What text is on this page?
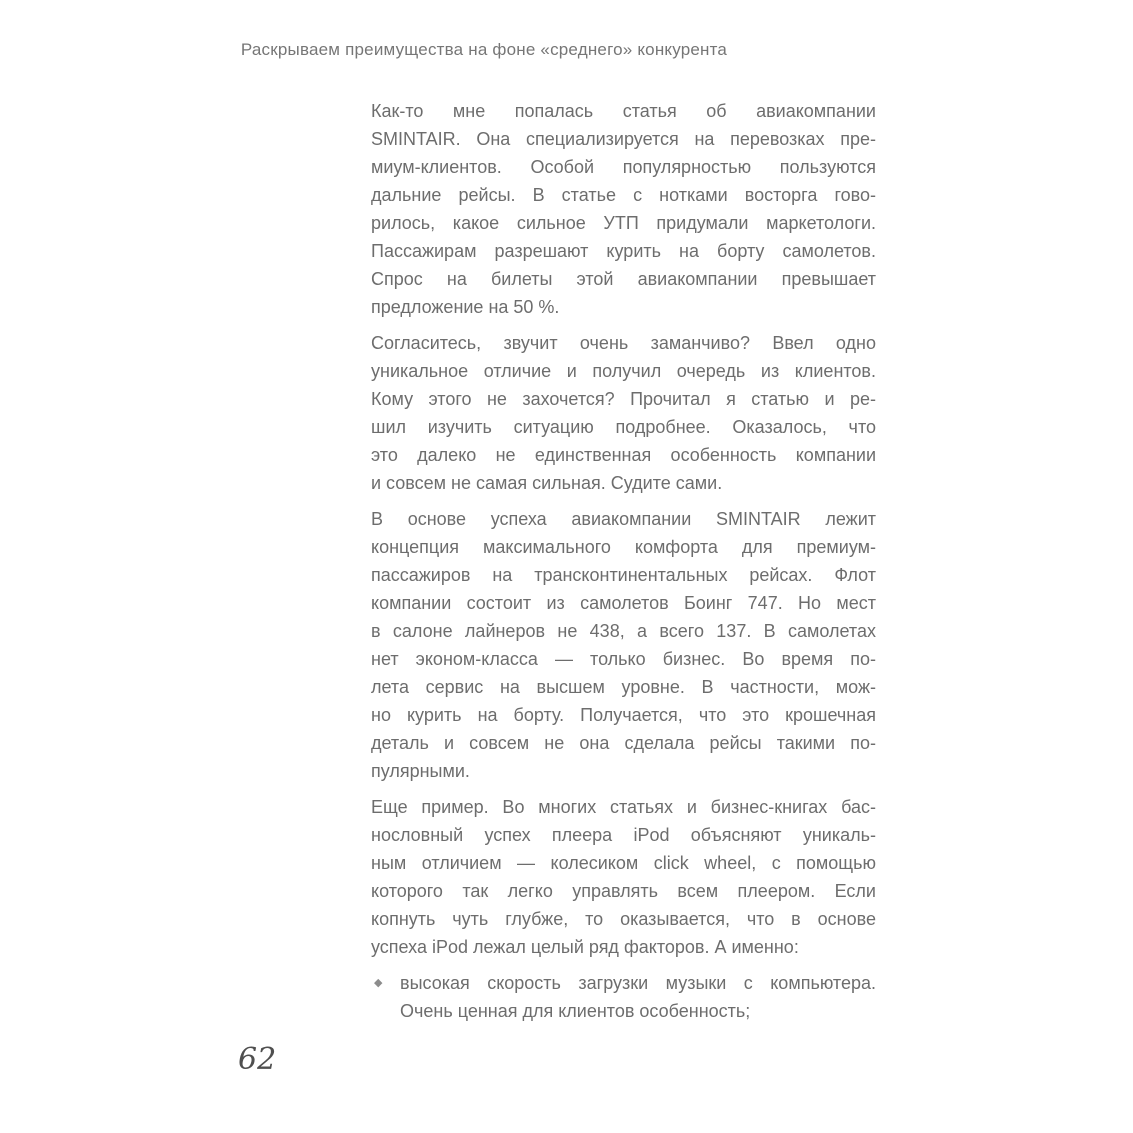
Раскрываем преимущества на фоне «среднего» конкурента
Как-то мне попалась статья об авиакомпании
SMINTAIR. Она специализируется на перевозках пре-
миум-клиентов. Особой популярностью пользуются
дальние рейсы. В статье с нотками восторга гово-
рилось, какое сильное УТП придумали маркетологи.
Пассажирам разрешают курить на борту самолетов.
Спрос на билеты этой авиакомпании превышает
предложение на 50 %.
Согласитесь, звучит очень заманчиво? Ввел одно
уникальное отличие и получил очередь из клиентов.
Кому этого не захочется? Прочитал я статью и ре-
шил изучить ситуацию подробнее. Оказалось, что
это далеко не единственная особенность компании
и совсем не самая сильная. Судите сами.
В основе успеха авиакомпании SMINTAIR лежит
концепция максимального комфорта для премиум-
пассажиров на трансконтинентальных рейсах. Флот
компании состоит из самолетов Боинг 747. Но мест
в салоне лайнеров не 438, а всего 137. В самолетах
нет эконом-класса — только бизнес. Во время по-
лета сервис на высшем уровне. В частности, мож-
но курить на борту. Получается, что это крошечная
деталь и совсем не она сделала рейсы такими по-
пулярными.
Еще пример. Во многих статьях и бизнес-книгах бас-
нословный успех плеера iPod объясняют уникаль-
ным отличием — колесиком click wheel, с помощью
которого так легко управлять всем плеером. Если
копнуть чуть глубже, то оказывается, что в основе
успеха iPod лежал целый ряд факторов. А именно:
◆ высокая скорость загрузки музыки с компьютера.
Очень ценная для клиентов особенность;
62
